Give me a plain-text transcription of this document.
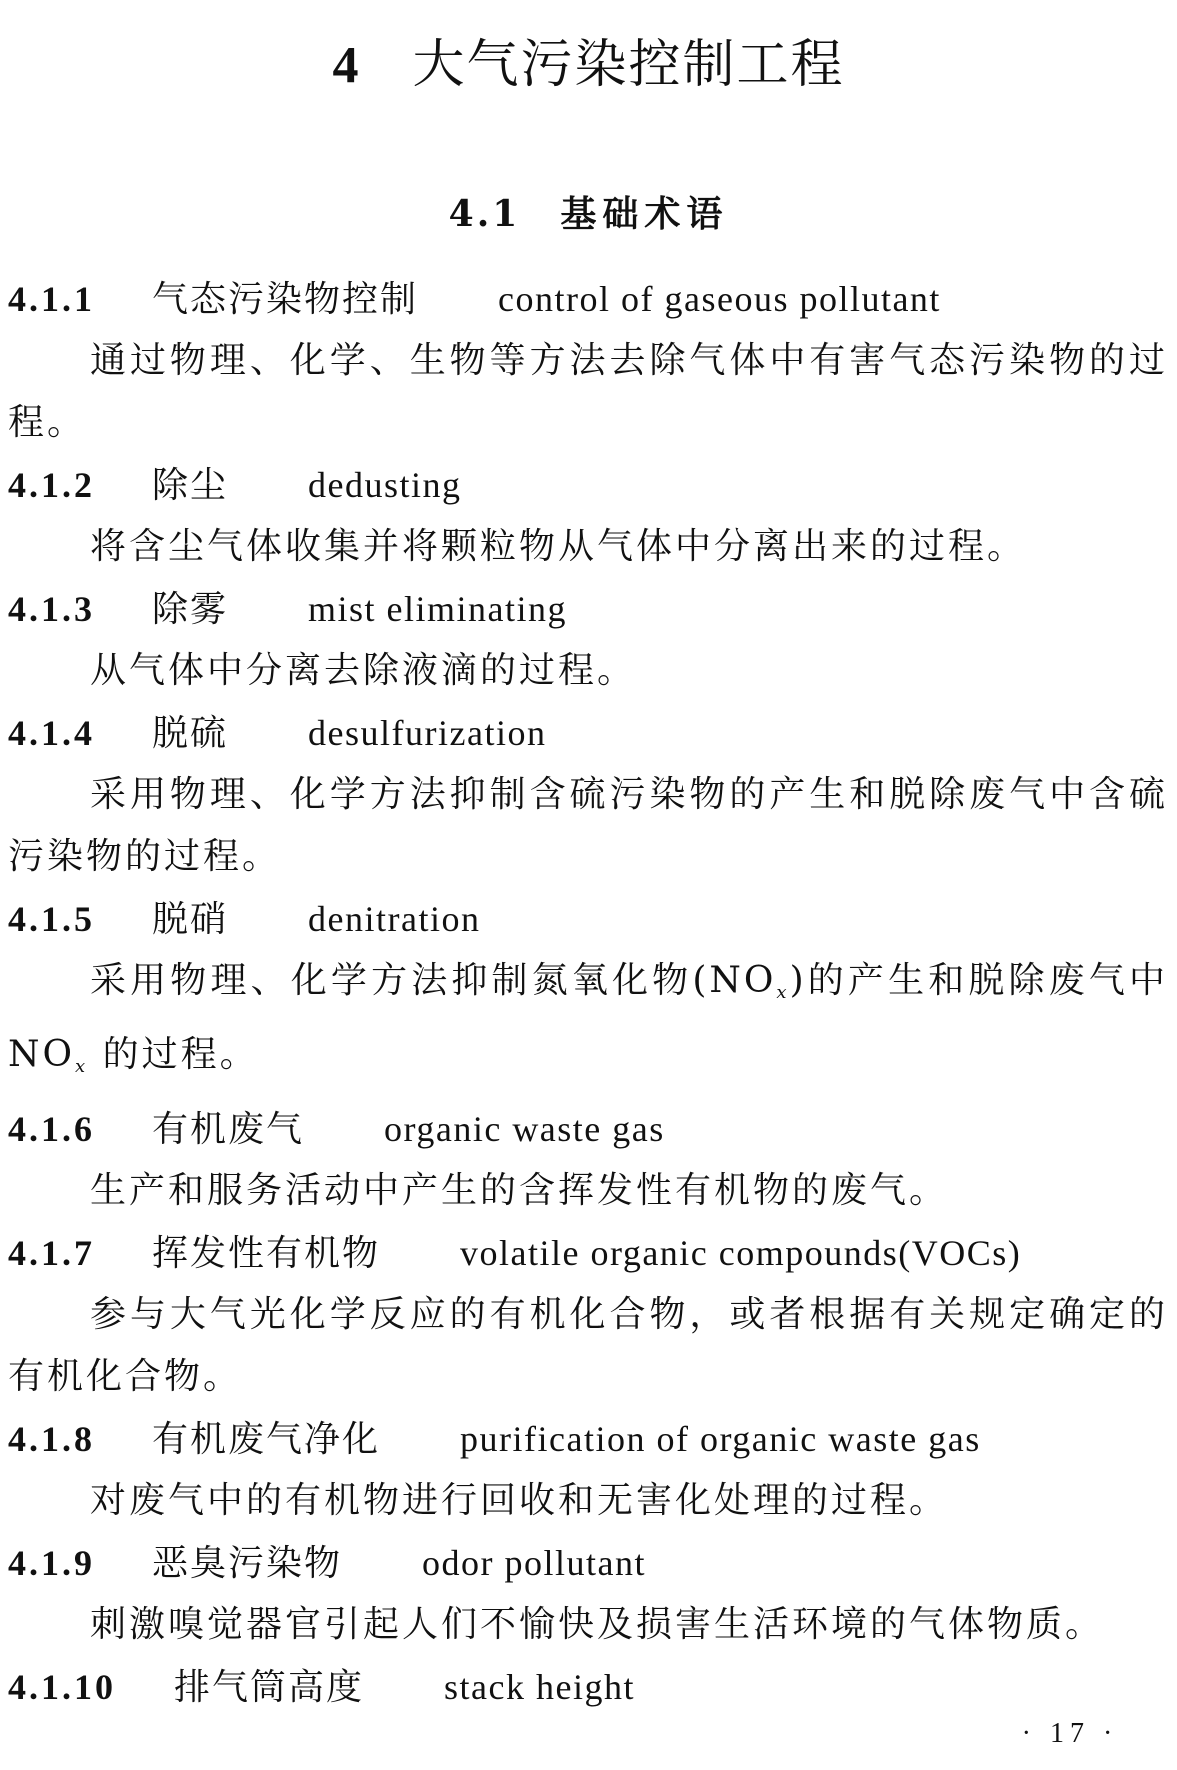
4 大气污染控制工程
4.1 基础术语
4.1.1 气态污染物控制 control of gaseous pollutant

通过物理、化学、生物等方法去除气体中有害气态污染物的过程。

4.1.2 除尘 dedusting

将含尘气体收集并将颗粒物从气体中分离出来的过程。

4.1.3 除雾 mist eliminating

从气体中分离去除液滴的过程。

4.1.4 脱硫 desulfurization

采用物理、化学方法抑制含硫污染物的产生和脱除废气中含硫污染物的过程。

4.1.5 脱硝 denitration

采用物理、化学方法抑制氮氧化物$(NO_x)$的产生和脱除废气中 $NO_x$ 的过程。

4.1.6 有机废气 organic waste gas

生产和服务活动中产生的含挥发性有机物的废气。

4.1.7 挥发性有机物 volatile organic compounds(VOCs)

参与大气光化学反应的有机化合物，或者根据有关规定确定的有机化合物。

4.1.8 有机废气净化 purification of organic waste gas

对废气中的有机物进行回收和无害化处理的过程。

4.1.9 恶臭污染物 odor pollutant

刺激嗅觉器官引起人们不愉快及损害生活环境的气体物质。

4.1.10 排气筒高度 stack height
· 17 ·
